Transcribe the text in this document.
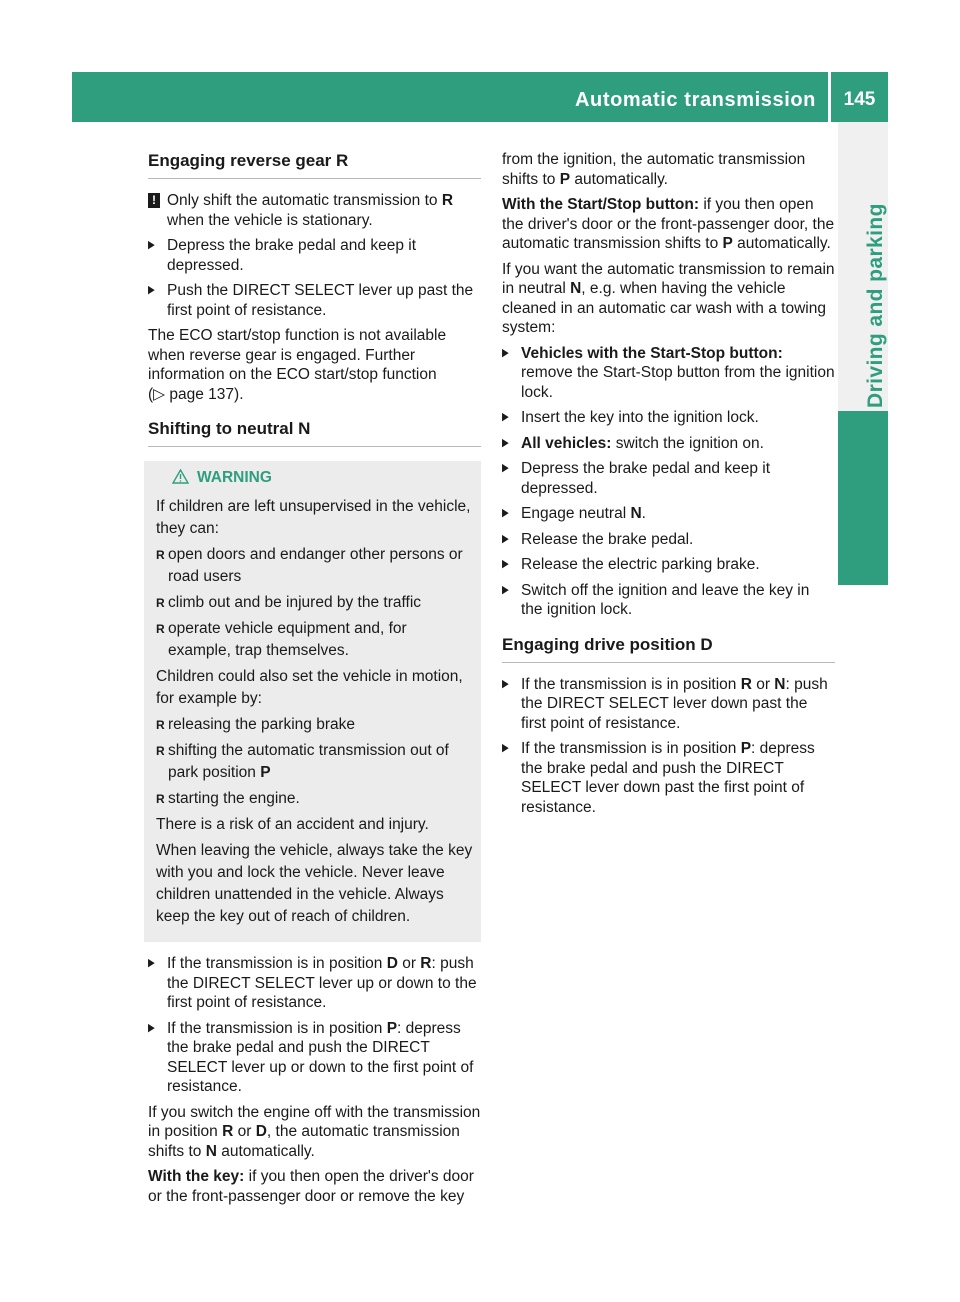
Automatic transmission	145
Driving and parking
Engaging reverse gear R
! Only shift the automatic transmission to R when the vehicle is stationary.
▶ Depress the brake pedal and keep it depressed.
▶ Push the DIRECT SELECT lever up past the first point of resistance.

The ECO start/stop function is not available when reverse gear is engaged. Further information on the ECO start/stop function
(▷ page 137).

Shifting to neutral N
WARNING

If children are left unsupervised in the vehicle, they can:

R open doors and endanger other persons or road users
R climb out and be injured by the traffic
R operate vehicle equipment and, for example, trap themselves.

Children could also set the vehicle in motion, for example by:

R releasing the parking brake
R shifting the automatic transmission out of park position P
R starting the engine.

There is a risk of an accident and injury.

When leaving the vehicle, always take the key with you and lock the vehicle. Never leave children unattended in the vehicle. Always keep the key out of reach of children.

▶ If the transmission is in position D or R: push the DIRECT SELECT lever up or down to the first point of resistance.
▶ If the transmission is in position P: depress the brake pedal and push the DIRECT SELECT lever up or down to the first point of resistance.

If you switch the engine off with the transmission in position R or D, the automatic transmission shifts to N automatically.

With the key: if you then open the driver's door or the front-passenger door or remove the key

from the ignition, the automatic transmission shifts to P automatically.

With the Start/Stop button: if you then open the driver's door or the front-passenger door, the automatic transmission shifts to P automatically.

If you want the automatic transmission to remain in neutral N, e.g. when having the vehicle cleaned in an automatic car wash with a towing system:

▶ Vehicles with the Start-Stop button: remove the Start-Stop button from the ignition lock.
▶ Insert the key into the ignition lock.
▶ All vehicles: switch the ignition on.
▶ Depress the brake pedal and keep it depressed.
▶ Engage neutral N.
▶ Release the brake pedal.
▶ Release the electric parking brake.
▶ Switch off the ignition and leave the key in the ignition lock.
Engaging drive position D
▶ If the transmission is in position R or N: push the DIRECT SELECT lever down past the first point of resistance.
▶ If the transmission is in position P: depress the brake pedal and push the DIRECT SELECT lever down past the first point of resistance.
